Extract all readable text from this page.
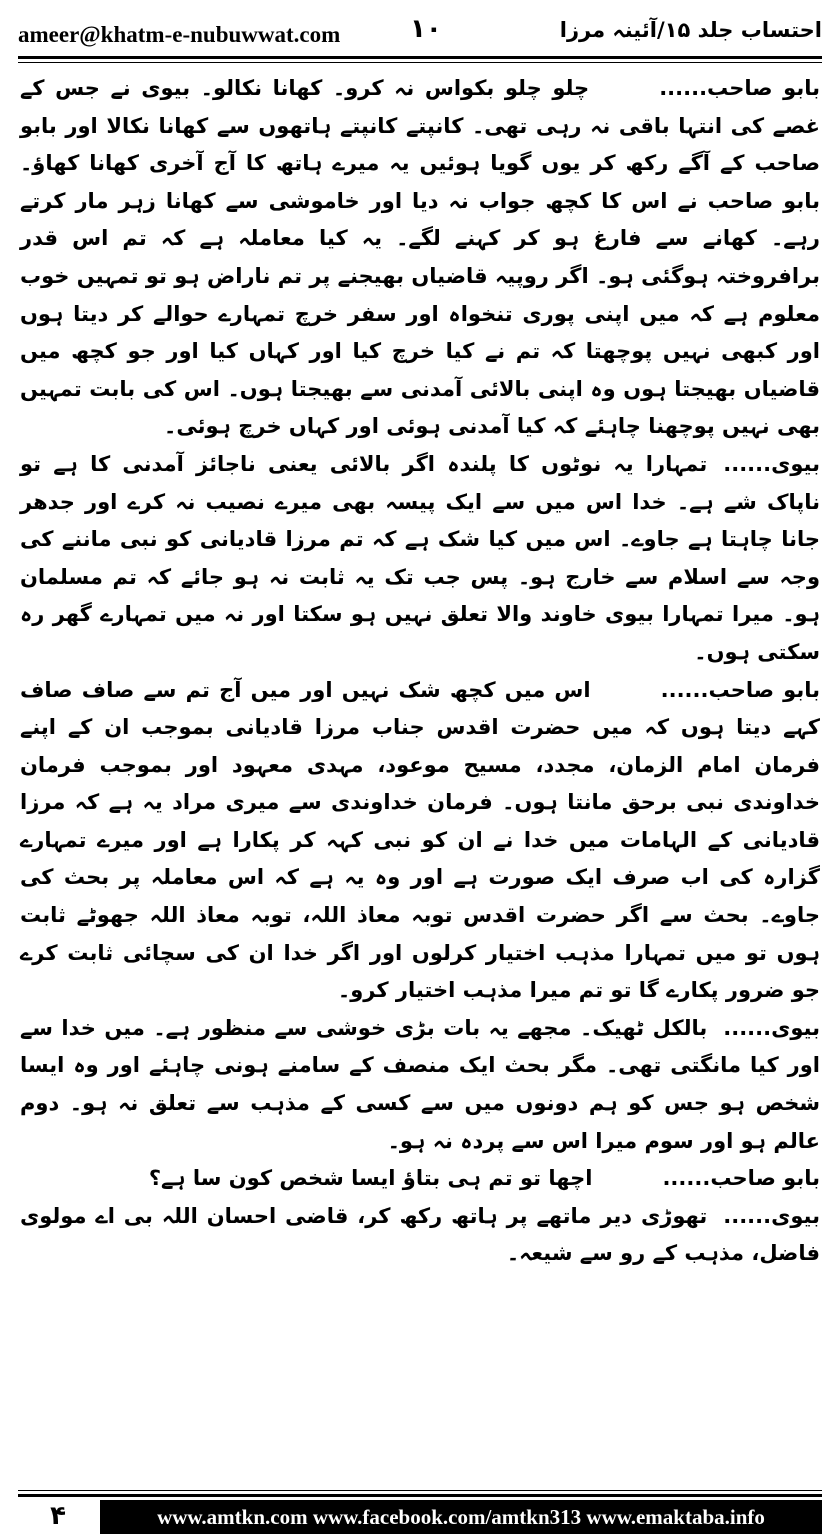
ameer@khatm-e-nubuwwat.com	۱۰	احتساب جلد ۱۵/آئینہ مرزا

بابو صاحب......چلو چلو بکواس نہ کرو۔ کھانا نکالو۔ بیوی نے جس کے غصے کی انتہا باقی نہ رہی تھی۔ کانپتے کانپتے ہاتھوں سے کھانا نکالا اور بابو صاحب کے آگے رکھ کر یوں گویا ہوئیں یہ میرے ہاتھ کا آج آخری کھانا کھاؤ۔ بابو صاحب نے اس کا کچھ جواب نہ دیا اور خاموشی سے کھانا زہر مار کرتے رہے۔ کھانے سے فارغ ہو کر کہنے لگے۔ یہ کیا معاملہ ہے کہ تم اس قدر برافروختہ ہوگئی ہو۔ اگر روپیہ قاضیاں بھیجنے پر تم ناراض ہو تو تمہیں خوب معلوم ہے کہ میں اپنی پوری تنخواہ اور سفر خرچ تمہارے حوالے کر دیتا ہوں اور کبھی نہیں پوچھتا کہ تم نے کیا خرچ کیا اور کہاں کیا اور جو کچھ میں قاضیاں بھیجتا ہوں وہ اپنی بالائی آمدنی سے بھیجتا ہوں۔ اس کی بابت تمہیں بھی نہیں پوچھنا چاہئے کہ کیا آمدنی ہوئی اور کہاں خرچ ہوئی۔

بیوی......تمہارا یہ نوٹوں کا پلندہ اگر بالائی یعنی ناجائز آمدنی کا ہے تو ناپاک شے ہے۔ خدا اس میں سے ایک پیسہ بھی میرے نصیب نہ کرے اور جدھر جانا چاہتا ہے جاوے۔ اس میں کیا شک ہے کہ تم مرزا قادیانی کو نبی ماننے کی وجہ سے اسلام سے خارج ہو۔ پس جب تک یہ ثابت نہ ہو جائے کہ تم مسلمان ہو۔ میرا تمہارا بیوی خاوند والا تعلق نہیں ہو سکتا اور نہ میں تمہارے گھر رہ سکتی ہوں۔

بابو صاحب......اس میں کچھ شک نہیں اور میں آج تم سے صاف صاف کہے دیتا ہوں کہ میں حضرت اقدس جناب مرزا قادیانی بموجب ان کے اپنے فرمان امام الزمان، مجدد، مسیح موعود، مہدی معہود اور بموجب فرمان خداوندی نبی برحق مانتا ہوں۔ فرمان خداوندی سے میری مراد یہ ہے کہ مرزا قادیانی کے الہامات میں خدا نے ان کو نبی کہہ کر پکارا ہے اور میرے تمہارے گزارہ کی اب صرف ایک صورت ہے اور وہ یہ ہے کہ اس معاملہ پر بحث کی جاوے۔ بحث سے اگر حضرت اقدس توبہ معاذ اللہ، توبہ معاذ اللہ جھوٹے ثابت ہوں تو میں تمہارا مذہب اختیار کرلوں اور اگر خدا ان کی سچائی ثابت کرے جو ضرور پکارے گا تو تم میرا مذہب اختیار کرو۔

بیوی......بالکل ٹھیک۔ مجھے یہ بات بڑی خوشی سے منظور ہے۔ میں خدا سے اور کیا مانگتی تھی۔ مگر بحث ایک منصف کے سامنے ہونی چاہئے اور وہ ایسا شخص ہو جس کو ہم دونوں میں سے کسی کے مذہب سے تعلق نہ ہو۔ دوم عالم ہو اور سوم میرا اس سے پردہ نہ ہو۔

بابو صاحب......اچھا تو تم ہی بتاؤ ایسا شخص کون سا ہے؟

بیوی......تھوڑی دیر ماتھے پر ہاتھ رکھ کر، قاضی احسان اللہ بی اے مولوی فاضل، مذہب کے رو سے شیعہ۔

۴	www.amtkn.com www.facebook.com/amtkn313 www.emaktaba.info
